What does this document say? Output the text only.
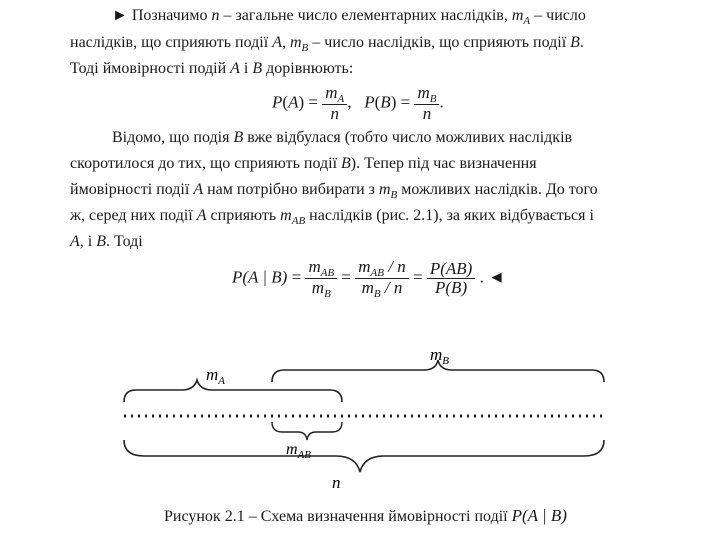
► Позначимо n – загальне число елементарних наслідків, $m_A$ – число
наслідків, що сприяють події A, $m_B$ – число наслідків, що сприяють події B.
Тоді ймовірності подій A і B дорівнюють:
$P(A) = \frac{m_A}{n}$ , $P(B) = \frac{m_B}{n}$ .
Відомо, що подія B вже відбулася (тобто число можливих наслідків
скоротилося до тих, що сприяють події B). Тепер під час визначення
ймовірності події A нам потрібно вибирати з $m_B$ можливих наслідків. До того
ж, серед них події A сприяють $m_{AB}$ наслідків (рис. 2.1), за яких відбувається і
A, і B. Тоді
P(A | $B) = \frac{m_{AB}}{m_B} = \frac{m_{AB} / n}{m_B / n} = \frac{P(AB)}{P(B)}$ . ◄
$m_B$
$m_A$
$m_{AB}$
n
Рисунок 2.1 – Схема визначення ймовірності події P(A | B)
